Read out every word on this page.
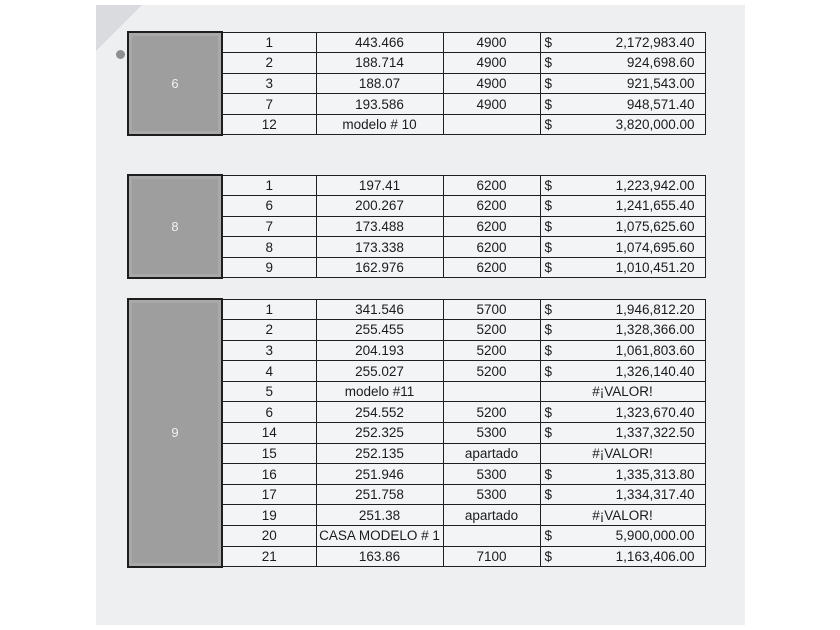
6	1	443.466	4900	$	2,172,983.40
	2	188.714	4900	$	924,698.60
	3	188.07	4900	$	921,543.00
	7	193.586	4900	$	948,571.40
	12	modelo # 10		$	3,820,000.00
8	1	197.41	6200	$	1,223,942.00
	6	200.267	6200	$	1,241,655.40
	7	173.488	6200	$	1,075,625.60
	8	173.338	6200	$	1,074,695.60
	9	162.976	6200	$	1,010,451.20
9	1	341.546	5700	$	1,946,812.20
	2	255.455	5200	$	1,328,366.00
	3	204.193	5200	$	1,061,803.60
	4	255.027	5200	$	1,326,140.40
	5	modelo #11		#¡VALOR!	
	6	254.552	5200	$	1,323,670.40
	14	252.325	5300	$	1,337,322.50
	15	252.135	apartado	#¡VALOR!	
	16	251.946	5300	$	1,335,313.80
	17	251.758	5300	$	1,334,317.40
	19	251.38	apartado	#¡VALOR!	
	20	CASA MODELO # 1		$	5,900,000.00
	21	163.86	7100	$	1,163,406.00
